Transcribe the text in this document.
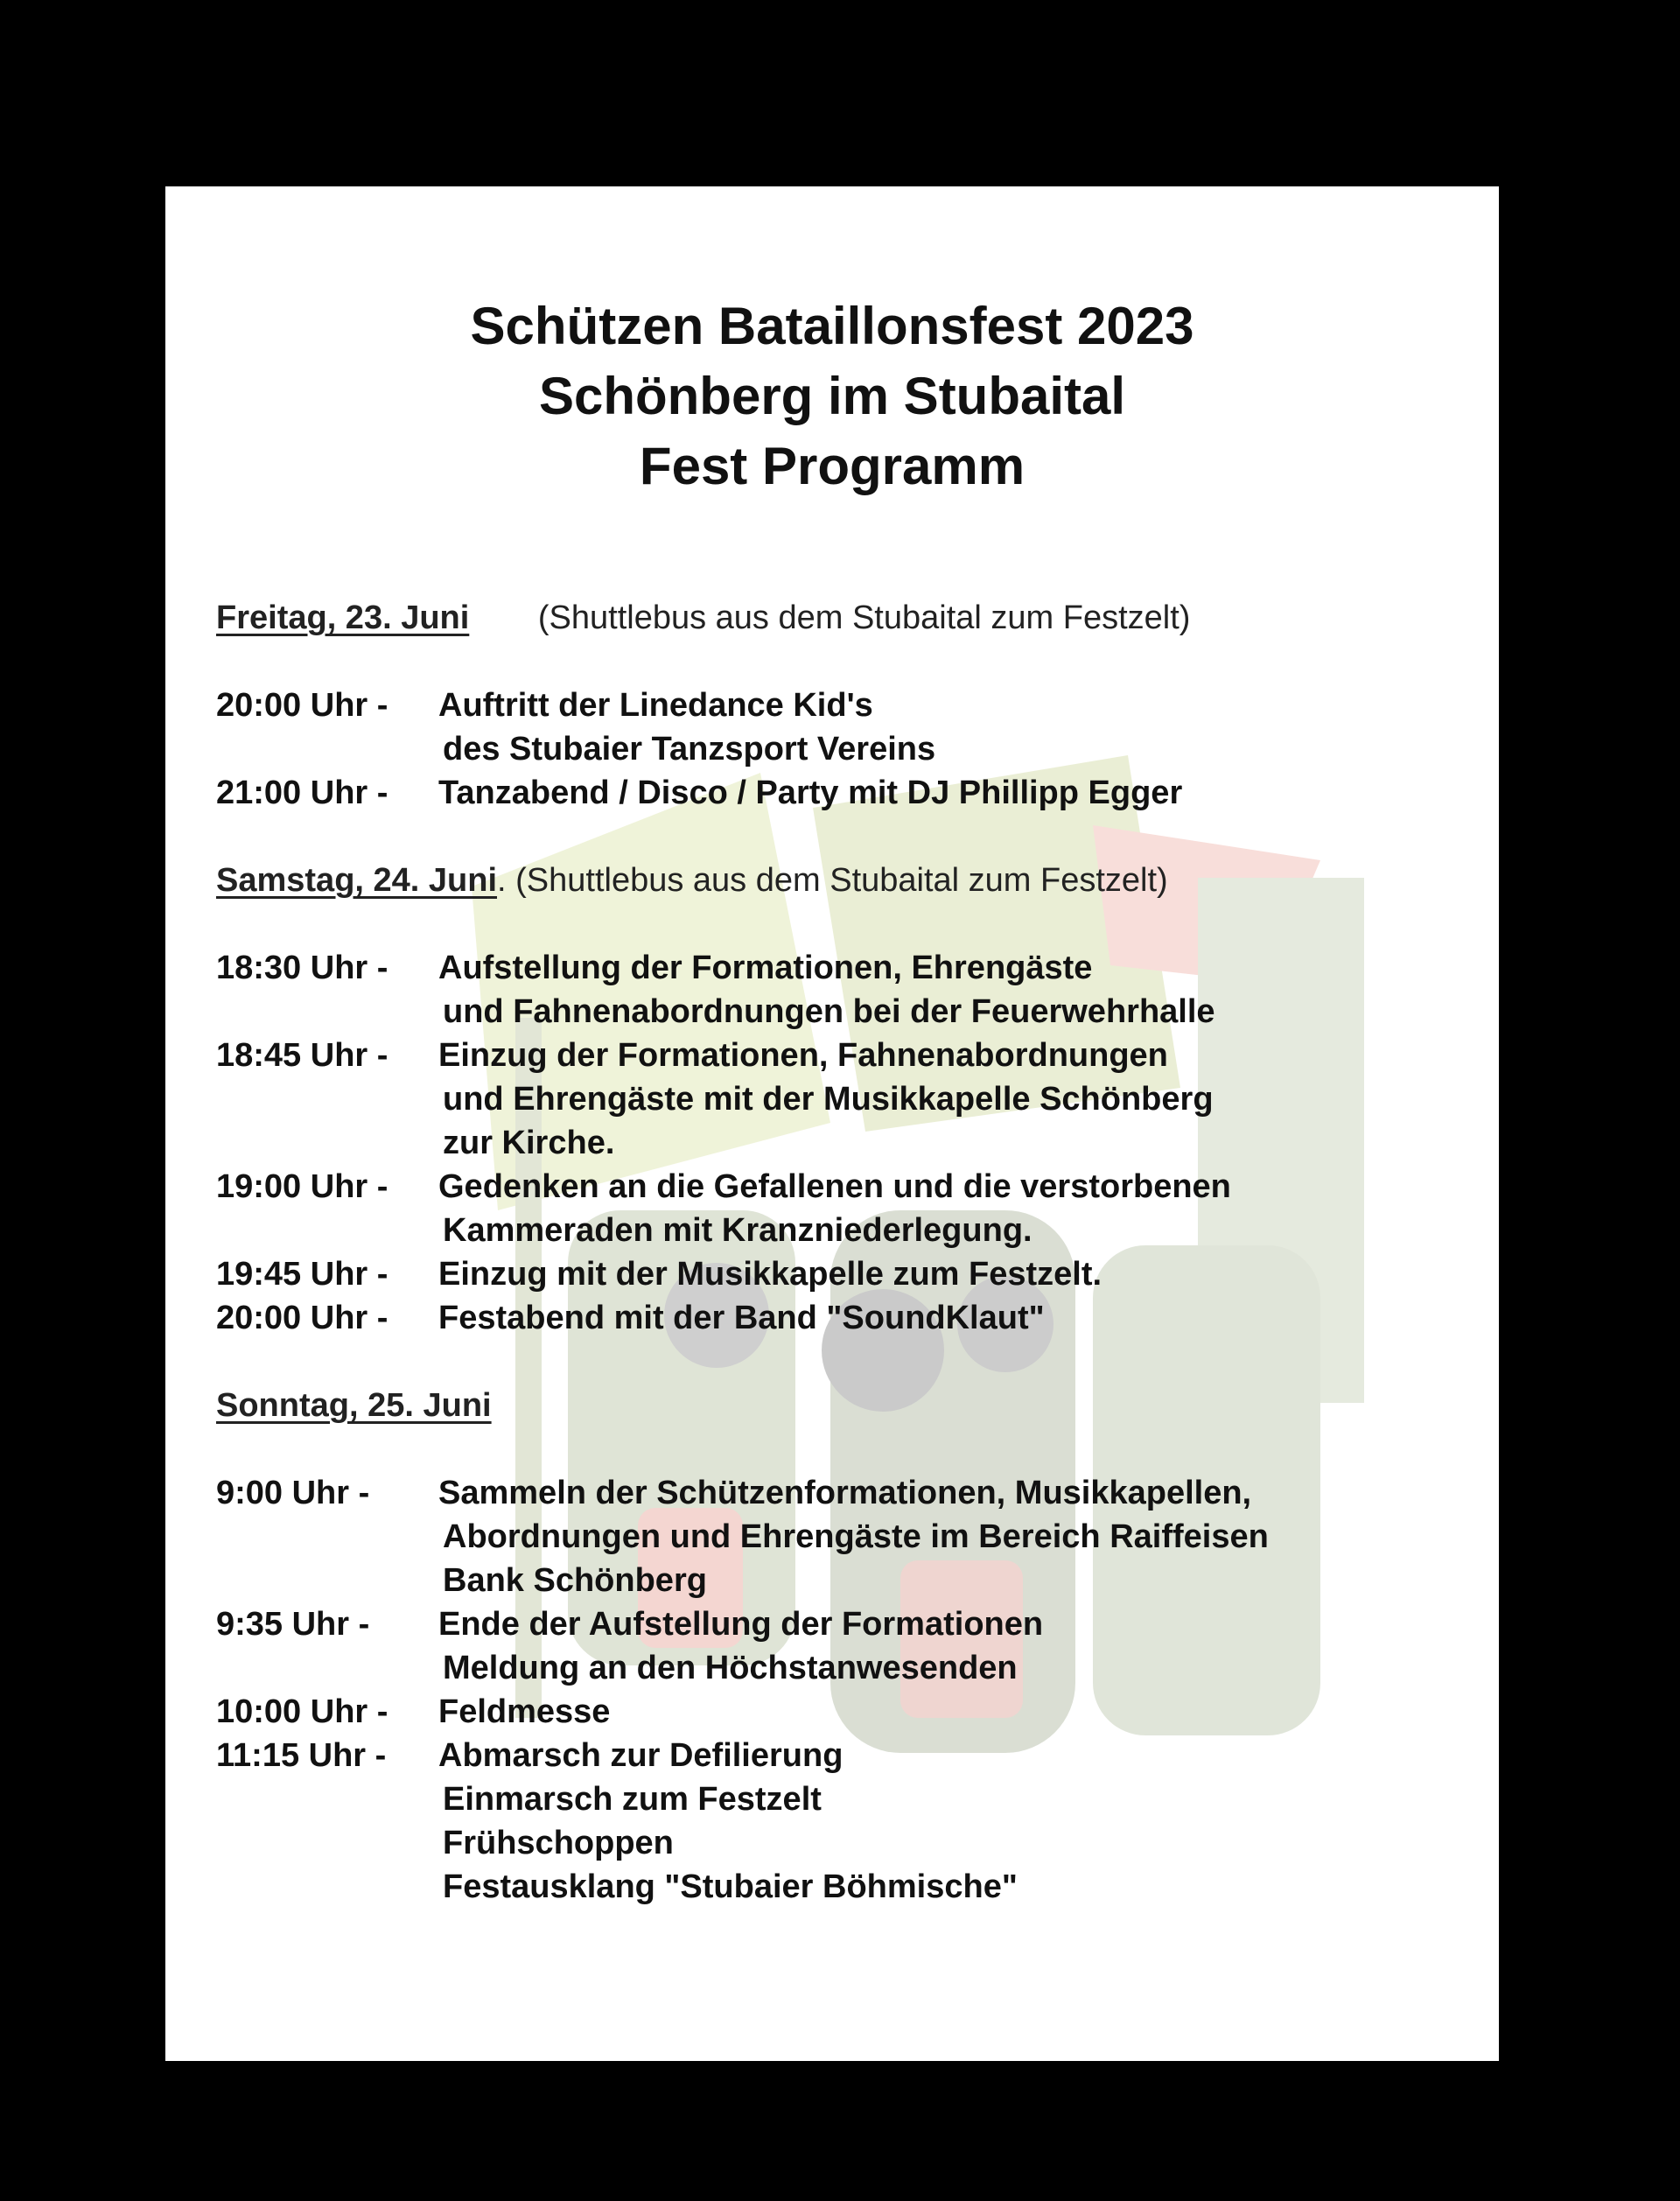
Schützen Bataillonsfest 2023
Schönberg im Stubaital
Fest Programm
Freitag, 23. Juni (Shuttlebus aus dem Stubaital zum Festzelt)
20:00 Uhr -	Auftritt der Linedance Kid's
des Stubaier Tanzsport Vereins
21:00 Uhr -	Tanzabend / Disco / Party mit DJ Phillipp Egger
Samstag, 24. Juni. (Shuttlebus aus dem Stubaital zum Festzelt)
18:30 Uhr -	Aufstellung der Formationen, Ehrengäste
und Fahnenabordnungen bei der Feuerwehrhalle
18:45 Uhr -	Einzug der Formationen, Fahnenabordnungen
und Ehrengäste mit der Musikkapelle Schönberg
zur Kirche.
19:00 Uhr -	Gedenken an die Gefallenen und die verstorbenen
Kammeraden mit Kranzniederlegung.
19:45 Uhr -	Einzug mit der Musikkapelle zum Festzelt.
20:00 Uhr -	Festabend mit der Band "SoundKlaut"
Sonntag, 25. Juni
9:00 Uhr -	Sammeln der Schützenformationen, Musikkapellen,
Abordnungen und Ehrengäste im Bereich Raiffeisen
Bank Schönberg
9:35 Uhr -	Ende der Aufstellung der Formationen
Meldung an den Höchstanwesenden
10:00 Uhr -	Feldmesse
11:15 Uhr -	Abmarsch zur Defilierung
Einmarsch zum Festzelt
Frühschoppen
Festausklang "Stubaier Böhmische"
